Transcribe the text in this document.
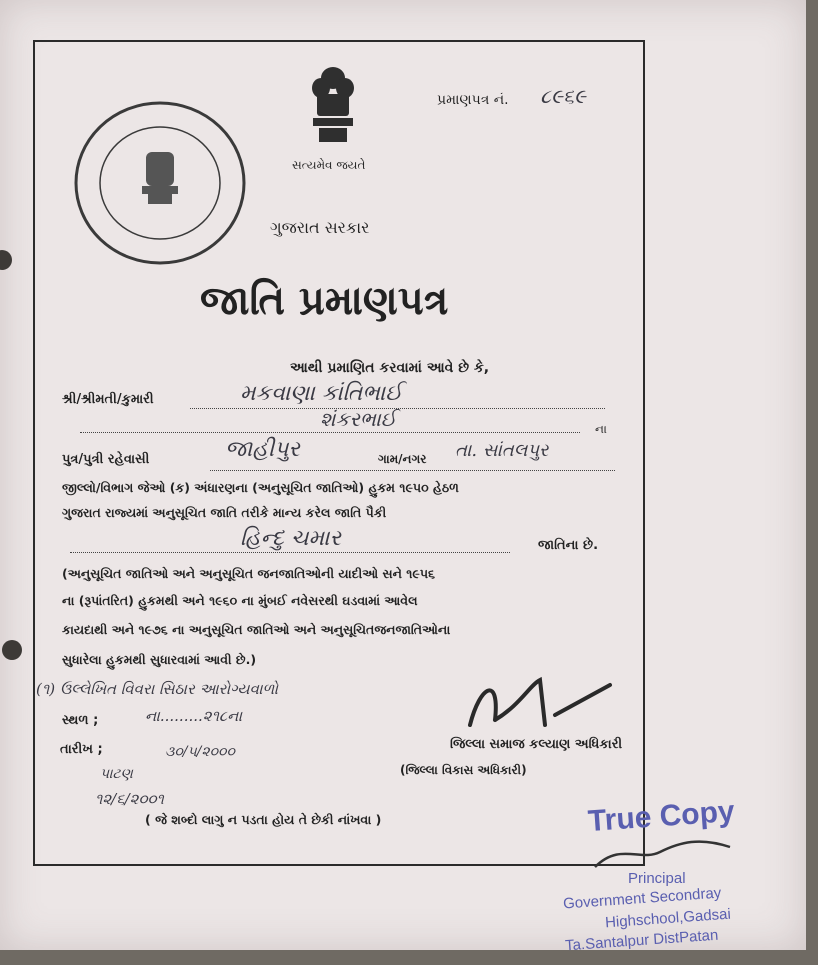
સત્યમેવ જયતે
ગુજરાત સરકાર
પ્રમાણપત્ર નં. ૮૯૬૯
જાતિ પ્રમાણપત્ર
આથી પ્રમાણિત કરવામાં આવે છે કે,
શ્રી/શ્રીમતી/કુમારી	મકવાણા કાંતિભાઈ
શંકરભાઈ	ના
પુત્ર/પુત્રી રહેવાસી	જાહીપુર	ગામ/નગર તા. સાંતલપુર
જીલ્લો/વિભાગ જેઓ (ક) અંધારણના (અનુસૂચિત જાતિઓ) હુકમ ૧૯૫૦ હેઠળ
ગુજરાત રાજ્યમાં અનુસૂચિત જાતિ તરીકે માન્ય કરેલ જાતિ પૈકી
હિન્દુ ચમાર	જાતિના છે.
(અનુસૂચિત જાતિઓ અને અનુસૂચિત જનજાતિઓની યાદીઓ સને ૧૯૫૬
ના (રૂપાંતરિત) હુકમથી અને ૧૯૬૦ ના મુંબઈ નવેસરથી ઘડવામાં આવેલ
કાયદાથી અને ૧૯૭૬ ના અનુસૂચિત જાતિઓ અને અનુસૂચિતજનજાતિઓના
સુધારેલા હુકમથી સુધારવામાં આવી છે.)
(૧) ઉલ્લેખિત વિવરા સિઠાર આરોગ્યવાળો
સ્થળ ;	ના.........૨૧૮ના
તારીખ ;	૩૦/૫/૨૦૦૦
પાટણ
૧૨/૬/૨૦૦૧
જિલ્લા સમાજ કલ્યાણ અધિકારી
(જિલ્લા વિકાસ અધિકારી)
( જે શબ્દો લાગુ ન પડતા હોય તે છેકી નાંખવા )	True Copy
Principal
Government Secondray
Highschool,Gadsai
Ta.Santalpur DistPatan
